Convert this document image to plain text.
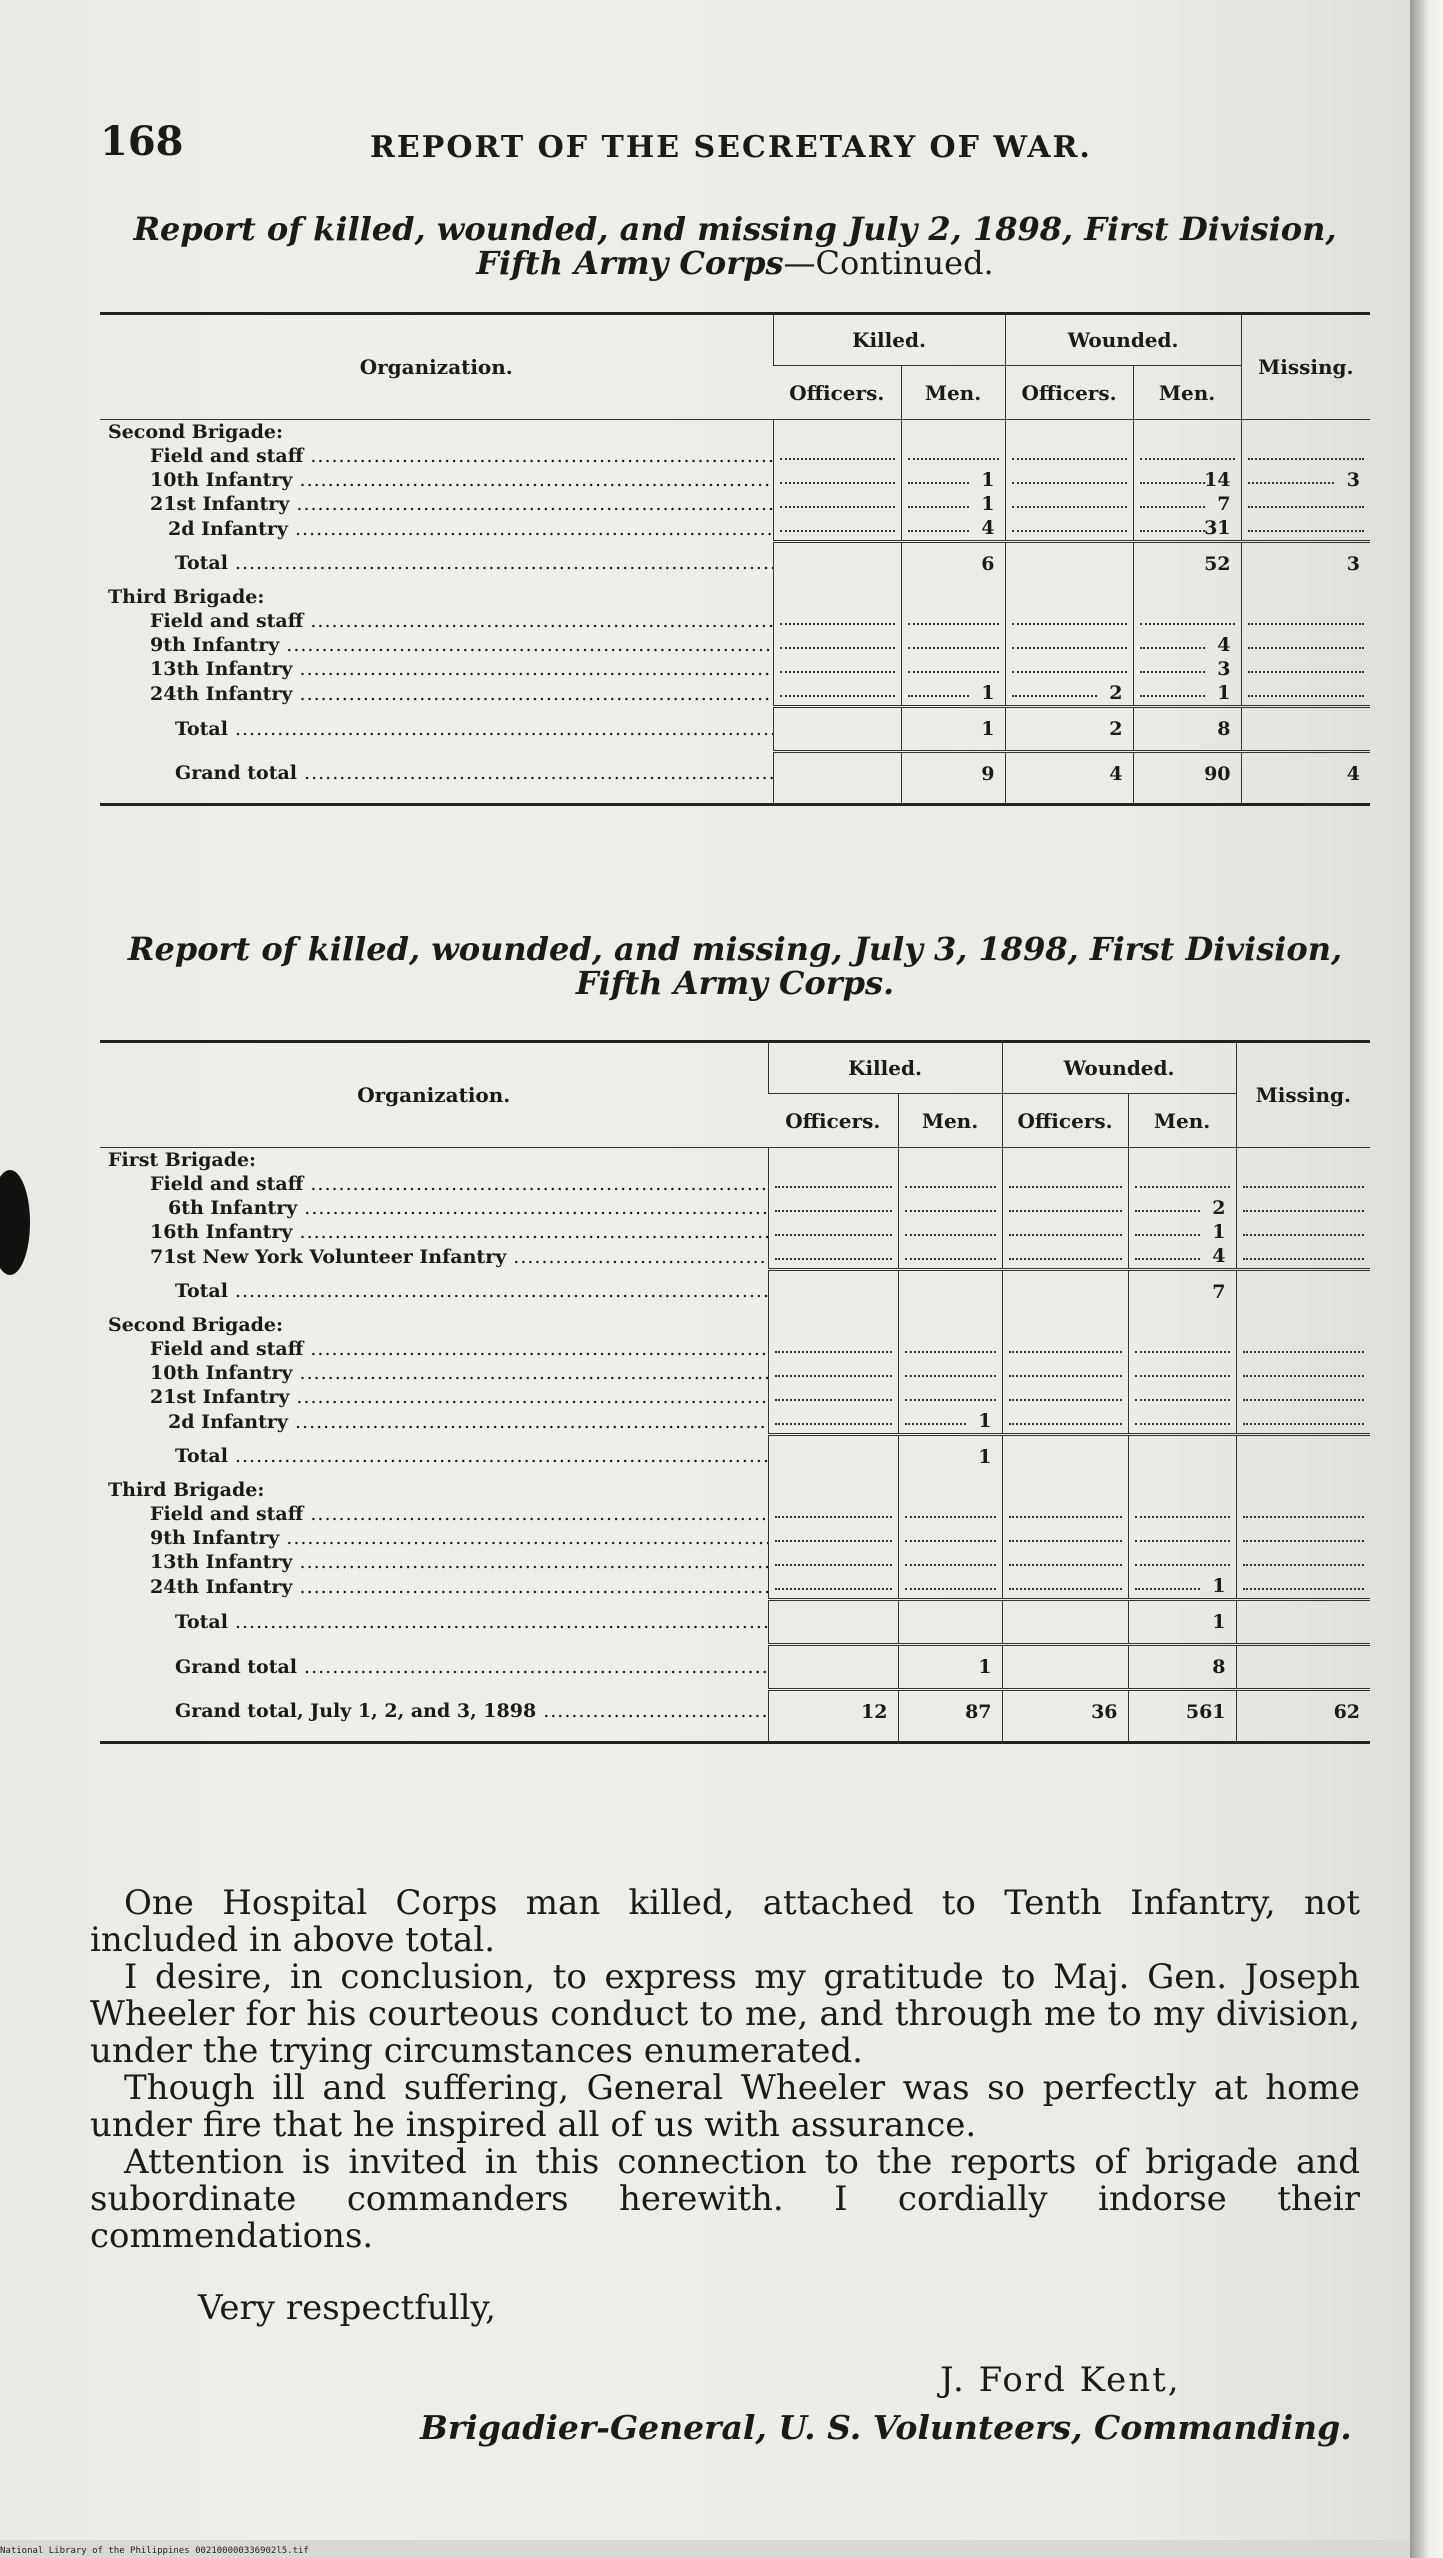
168	REPORT OF THE SECRETARY OF WAR.
Report of killed, wounded, and missing July 2, 1898, First Division, Fifth Army Corps—Continued.
Organization.	Killed.		Wounded.		Missing.
	Officers.	Men.	Officers.	Men.	

Second Brigade:					

Field and staff .....

10th Infantry .....		1		14	3

21st Infantry .....		1		7	

2d Infantry .....		4		31	

Total .....		6		52	3

Third Brigade:					

Field and staff .....

9th Infantry .....				4	

13th Infantry .....				3	

24th Infantry .....		1	2	1	

Total .....		1	2	8	

Grand total .....		9	4	90	4
Report of killed, wounded, and missing, July 3, 1898, First Division, Fifth Army Corps.
Organization.	Killed.		Wounded.		Missing.
	Officers.	Men.	Officers.	Men.	

First Brigade:					

Field and staff .....

6th Infantry .....				2	

16th Infantry .....				1	

71st New York Volunteer Infantry .....				4	

Total .....				7	

Second Brigade:					

Field and staff .....

10th Infantry .....

21st Infantry .....

2d Infantry .....		1	

Total .....		1			

Third Brigade:					

Field and staff .....

9th Infantry .....

13th Infantry .....

24th Infantry .....				1	

Total .....				1	

Grand total .....		1		8	

Grand total, July 1, 2, and 3, 1898 .....	12	87	36	561	62

One Hospital Corps man killed, attached to Tenth Infantry, not included in above total.

I desire, in conclusion, to express my gratitude to Maj. Gen. Joseph Wheeler for his courteous conduct to me, and through me to my division, under the trying circumstances enumerated.

Though ill and suffering, General Wheeler was so perfectly at home under fire that he inspired all of us with assurance.

Attention is invited in this connection to the reports of brigade and subordinate commanders herewith. I cordially indorse their commendations.

Very respectfully,
J. Ford Kent,
Brigadier-General, U. S. Volunteers, Commanding.
National Library of the Philippines 002100000336902l5.tif
